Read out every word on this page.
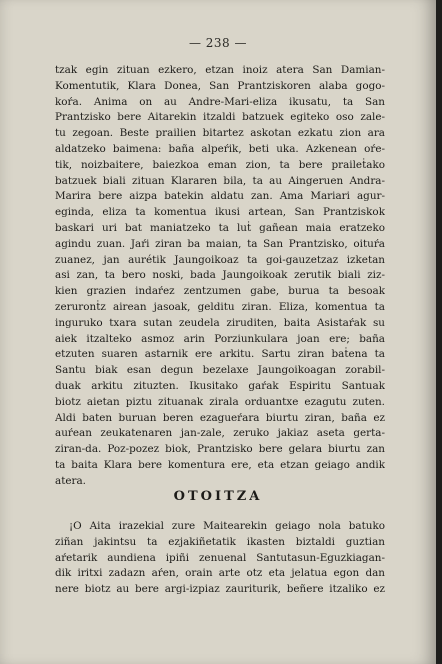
— 238 —
tzak egin zituan ezkero, etzan inoiz atera San Damian-
Komentutik, Klara Donea, San Prantziskoren alaba gogo-
koŕa. Anima on au Andre-Mari-eliza ikusatu, ta San
Prantzisko bere Aitarekin itzaldi batzuek egiteko oso zale-
tu zegoan. Beste prailien bitartez askotan ezkatu zion ara
aldatzeko baimena: baña alpeŕik, beti uka. Azkenean oŕe-
tik, noizbaitere, baiezkoa eman zion, ta bere praileṫako
batzuek biali zituan Klararen bila, ta au Aingeruen Andra-
Marira bere aizpa batekin aldatu zan. Ama Mariari agur-
eginda, eliza ta komentua ikusi artean, San Prantziskok
baskari uri bat maniatzeko ta luṫ gañean maia eratzeko
agindu zuan. Jaŕi ziran ba maian, ta San Prantzisko, oituŕa
zuanez, jan aurétik Jaungoikoaz ta goi-gauzetzaz izketan
asi zan, ta bero noski, bada Jaungoikoak zerutik biali ziz-
kien grazien indaŕez zentzumen gabe, burua ta besoak
zeruronṫz airean jasoak, gelditu ziran. Eliza, komentua ta
inguruko txara sutan zeudela ziruditen, baita Asistaŕak su
aiek itzalteko asmoz arin Porziunkulara joan ere; baña
etzuten suaren astarnik ere arkitu. Sartu ziran baṫena ta
Santu biak esan degun bezelaxe Jaungoikoagan zorabil-
duak arkitu zituzten. Ikusitako gaŕak Espiritu Santuak
biotz aietan piztu zituanak zirala orduantxe ezagutu zuten.
Aldi baten buruan beren ezagueŕara biurtu ziran, baña ez
auŕean zeukatenaren jan-zale, zeruko jakiaz aseta gerta-
ziran-da. Poz-pozez biok, Prantzisko bere gelara biurtu zan
ta baita Klara bere komentura ere, eta etzan geiago andik
atera.
OTOITZA
¡O Aita irazekial zure Maitearekin geiago nola batuko
ziñan jakintsu ta ezjakiñetatik ikasten biztaldi guztian
aŕetarik aundiena ipiñi zenuenal Santutasun-Eguzkiagan-
dik iritxi zadazn aŕen, orain arte otz eta jelatua egon dan
nere biotz au bere argi-izpiaz zauriturik, beñere itzaliko ez
